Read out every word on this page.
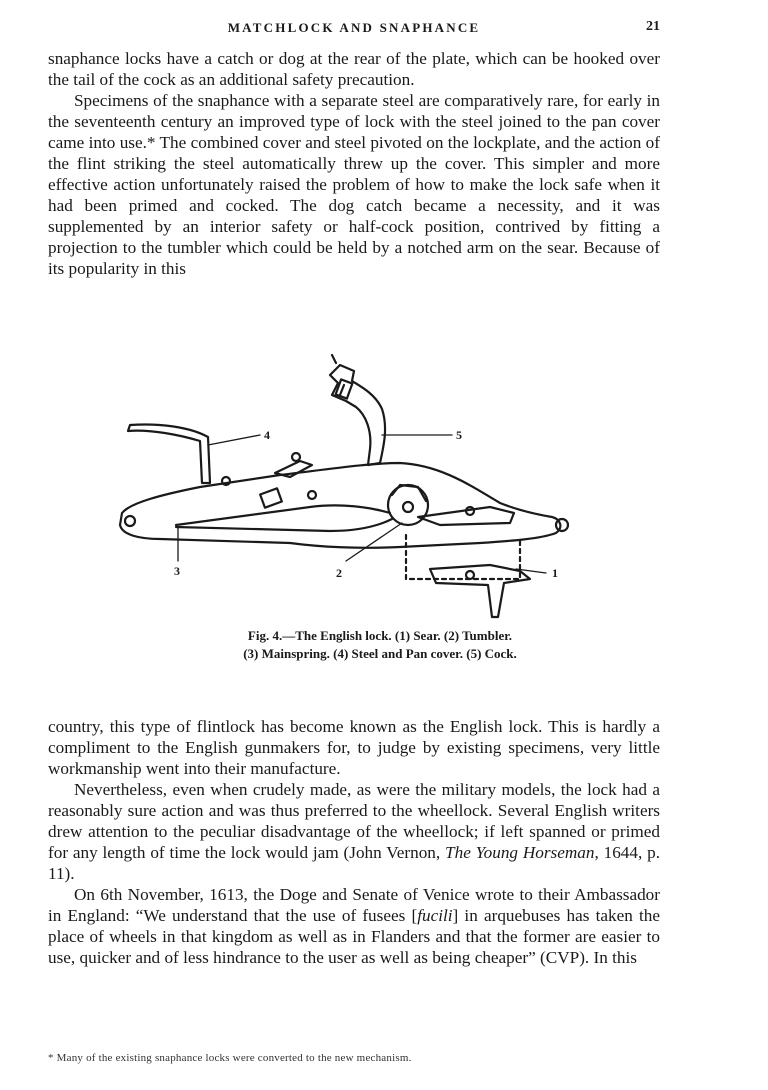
MATCHLOCK AND SNAPHANCE	21

snaphance locks have a catch or dog at the rear of the plate, which can be hooked over the tail of the cock as an additional safety precaution.

Specimens of the snaphance with a separate steel are comparatively rare, for early in the seventeenth century an improved type of lock with the steel joined to the pan cover came into use.* The combined cover and steel pivoted on the lockplate, and the action of the flint striking the steel automatically threw up the cover. This simpler and more effective action unfortunately raised the problem of how to make the lock safe when it had been primed and cocked. The dog catch became a necessity, and it was supplemented by an interior safety or half-cock position, contrived by fitting a projection to the tumbler which could be held by a notched arm on the sear. Because of its popularity in this

4	5
3	2	1
Fig. 4.—The English lock. (1) Sear. (2) Tumbler.
(3) Mainspring. (4) Steel and Pan cover. (5) Cock.

country, this type of flintlock has become known as the English lock. This is hardly a compliment to the English gunmakers for, to judge by existing specimens, very little workmanship went into their manufacture.

Nevertheless, even when crudely made, as were the military models, the lock had a reasonably sure action and was thus preferred to the wheellock. Several English writers drew attention to the peculiar disadvantage of the wheellock; if left spanned or primed for any length of time the lock would jam (John Vernon, The Young Horseman, 1644, p. 11).

On 6th November, 1613, the Doge and Senate of Venice wrote to their Ambassador in England: “We understand that the use of fusees [fucili] in arquebuses has taken the place of wheels in that kingdom as well as in Flanders and that the former are easier to use, quicker and of less hindrance to the user as well as being cheaper” (CVP). In this

* Many of the existing snaphance locks were converted to the new mechanism.
